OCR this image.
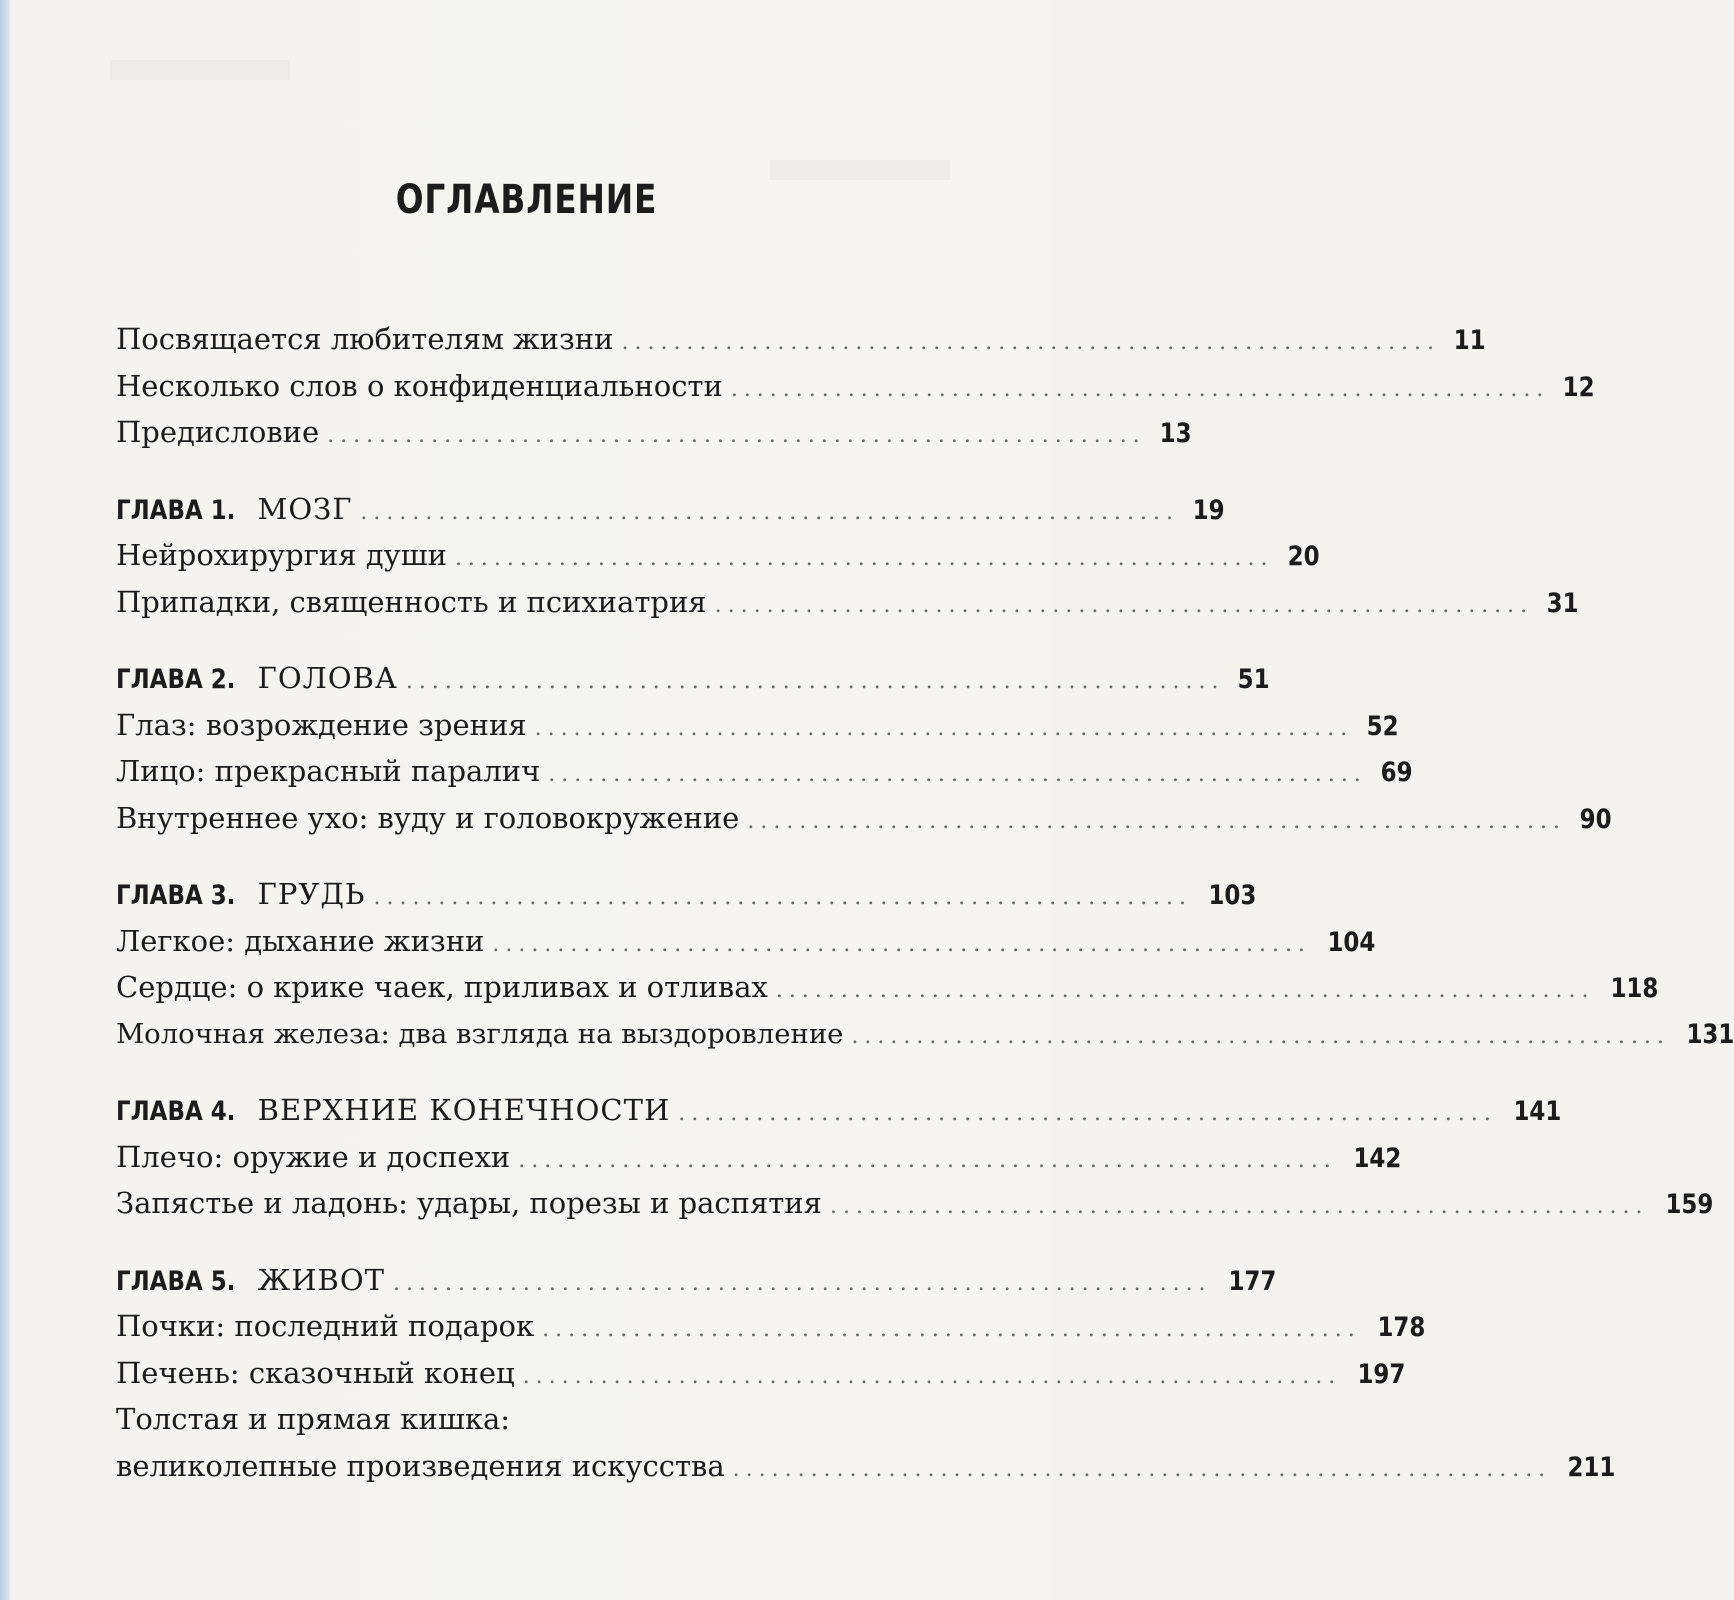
ОГЛАВЛЕНИЕ
Посвящается любителям жизни ............................................................... 11
Несколько слов о конфиденциальности ............................................................... 12
Предисловие ............................................................... 13
ГЛАВА 1. МОЗГ ............................................................... 19
Нейрохирургия души ............................................................... 20
Припадки, священность и психиатрия ............................................................... 31
ГЛАВА 2. ГОЛОВА ............................................................... 51
Глаз: возрождение зрения ............................................................... 52
Лицо: прекрасный паралич ............................................................... 69
Внутреннее ухо: вуду и головокружение ............................................................... 90
ГЛАВА 3. ГРУДЬ ............................................................... 103
Легкое: дыхание жизни ............................................................... 104
Сердце: о крике чаек, приливах и отливах ............................................................... 118
Молочная железа: два взгляда на выздоровление ............................................................... 131
ГЛАВА 4. ВЕРХНИЕ КОНЕЧНОСТИ ............................................................... 141
Плечо: оружие и доспехи ............................................................... 142
Запястье и ладонь: удары, порезы и распятия ............................................................... 159
ГЛАВА 5. ЖИВОТ ............................................................... 177
Почки: последний подарок ............................................................... 178
Печень: сказочный конец ............................................................... 197
Толстая и прямая кишка:
великолепные произведения искусства ............................................................... 211
